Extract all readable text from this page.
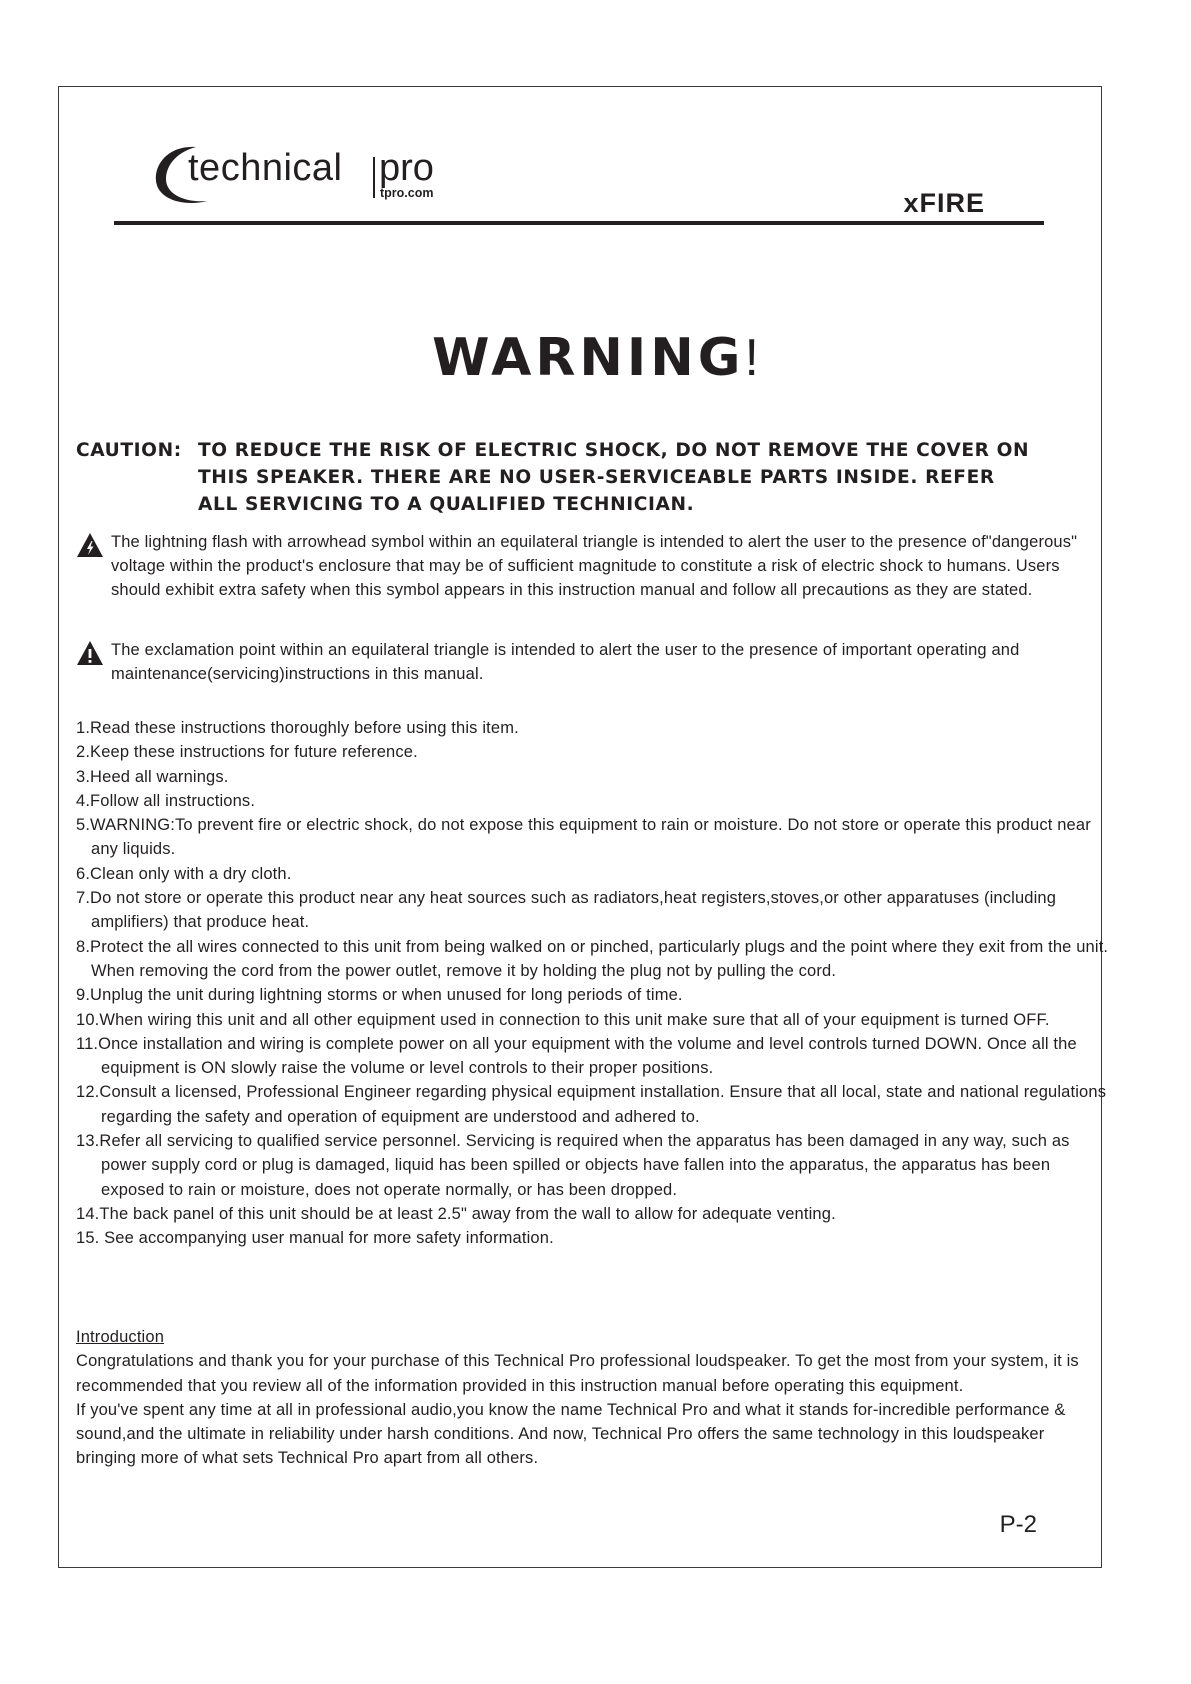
technical pro
tpro.com	xFIRE
WARNING!
CAUTION: TO REDUCE THE RISK OF ELECTRIC SHOCK, DO NOT REMOVE THE COVER ON
THIS SPEAKER. THERE ARE NO USER-SERVICEABLE PARTS INSIDE. REFER
ALL SERVICING TO A QUALIFIED TECHNICIAN.
The lightning flash with arrowhead symbol within an equilateral triangle is intended to alert the user to the presence of"dangerous" voltage within the product's enclosure that may be of sufficient magnitude to constitute a risk of electric shock to humans. Users should exhibit extra safety when this symbol appears in this instruction manual and follow all precautions as they are stated.
The exclamation point within an equilateral triangle is intended to alert the user to the presence of important operating and maintenance(servicing)instructions in this manual.
1.Read these instructions thoroughly before using this item.
2.Keep these instructions for future reference.
3.Heed all warnings.
4.Follow all instructions.
5.WARNING:To prevent fire or electric shock, do not expose this equipment to rain or moisture. Do not store or operate this product near any liquids.
6.Clean only with a dry cloth.
7.Do not store or operate this product near any heat sources such as radiators,heat registers,stoves,or other apparatuses (including amplifiers) that produce heat.
8.Protect the all wires connected to this unit from being walked on or pinched, particularly plugs and the point where they exit from the unit. When removing the cord from the power outlet, remove it by holding the plug not by pulling the cord.
9.Unplug the unit during lightning storms or when unused for long periods of time.
10.When wiring this unit and all other equipment used in connection to this unit make sure that all of your equipment is turned OFF.
11.Once installation and wiring is complete power on all your equipment with the volume and level controls turned DOWN. Once all the equipment is ON slowly raise the volume or level controls to their proper positions.
12.Consult a licensed, Professional Engineer regarding physical equipment installation. Ensure that all local, state and national regulations regarding the safety and operation of equipment are understood and adhered to.
13.Refer all servicing to qualified service personnel. Servicing is required when the apparatus has been damaged in any way, such as power supply cord or plug is damaged, liquid has been spilled or objects have fallen into the apparatus, the apparatus has been exposed to rain or moisture, does not operate normally, or has been dropped.
14.The back panel of this unit should be at least 2.5" away from the wall to allow for adequate venting.
15. See accompanying user manual for more safety information.
Introduction

Congratulations and thank you for your purchase of this Technical Pro professional loudspeaker. To get the most from your system, it is recommended that you review all of the information provided in this instruction manual before operating this equipment.

If you've spent any time at all in professional audio,you know the name Technical Pro and what it stands for-incredible performance & sound,and the ultimate in reliability under harsh conditions. And now, Technical Pro offers the same technology in this loudspeaker bringing more of what sets Technical Pro apart from all others.

P-2
